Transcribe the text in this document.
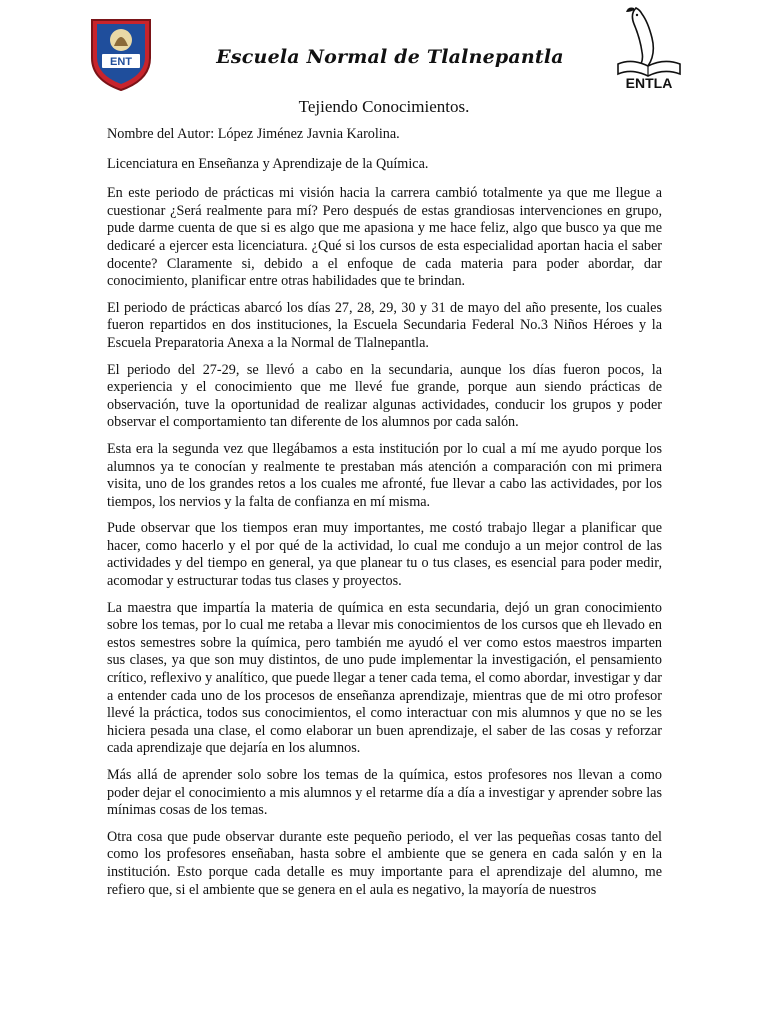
ENT	Escuela Normal de Tlalnepantla
ENTLA
Tejiendo Conocimientos.

Nombre del Autor: López Jiménez Javnia Karolina.

Licenciatura en Enseñanza y Aprendizaje de la Química.

En este periodo de prácticas mi visión hacia la carrera cambió totalmente ya que me llegue a cuestionar ¿Será realmente para mí? Pero después de estas grandiosas intervenciones en grupo, pude darme cuenta de que si es algo que me apasiona y me hace feliz, algo que busco ya que me dedicaré a ejercer esta licenciatura. ¿Qué si los cursos de esta especialidad aportan hacia el saber docente? Claramente si, debido a el enfoque de cada materia para poder abordar, dar conocimiento, planificar entre otras habilidades que te brindan.

El periodo de prácticas abarcó los días 27, 28, 29, 30 y 31 de mayo del año presente, los cuales fueron repartidos en dos instituciones, la Escuela Secundaria Federal No.3 Niños Héroes y la Escuela Preparatoria Anexa a la Normal de Tlalnepantla.

El periodo del 27-29, se llevó a cabo en la secundaria, aunque los días fueron pocos, la experiencia y el conocimiento que me llevé fue grande, porque aun siendo prácticas de observación, tuve la oportunidad de realizar algunas actividades, conducir los grupos y poder observar el comportamiento tan diferente de los alumnos por cada salón.

Esta era la segunda vez que llegábamos a esta institución por lo cual a mí me ayudo porque los alumnos ya te conocían y realmente te prestaban más atención a comparación con mi primera visita, uno de los grandes retos a los cuales me afronté, fue llevar a cabo las actividades, por los tiempos, los nervios y la falta de confianza en mí misma.

Pude observar que los tiempos eran muy importantes, me costó trabajo llegar a planificar que hacer, como hacerlo y el por qué de la actividad, lo cual me condujo a un mejor control de las actividades y del tiempo en general, ya que planear tu o tus clases, es esencial para poder medir, acomodar y estructurar todas tus clases y proyectos.

La maestra que impartía la materia de química en esta secundaria, dejó un gran conocimiento sobre los temas, por lo cual me retaba a llevar mis conocimientos de los cursos que eh llevado en estos semestres sobre la química, pero también me ayudó el ver como estos maestros imparten sus clases, ya que son muy distintos, de uno pude implementar la investigación, el pensamiento crítico, reflexivo y analítico, que puede llegar a tener cada tema, el como abordar, investigar y dar a entender cada uno de los procesos de enseñanza aprendizaje, mientras que de mi otro profesor llevé la práctica, todos sus conocimientos, el como interactuar con mis alumnos y que no se les hiciera pesada una clase, el como elaborar un buen aprendizaje, el saber de las cosas y reforzar cada aprendizaje que dejaría en los alumnos.

Más allá de aprender solo sobre los temas de la química, estos profesores nos llevan a como poder dejar el conocimiento a mis alumnos y el retarme día a día a investigar y aprender sobre las mínimas cosas de los temas.

Otra cosa que pude observar durante este pequeño periodo, el ver las pequeñas cosas tanto del como los profesores enseñaban, hasta sobre el ambiente que se genera en cada salón y en la institución. Esto porque cada detalle es muy importante para el aprendizaje del alumno, me refiero que, si el ambiente que se genera en el aula es negativo, la mayoría de nuestros
